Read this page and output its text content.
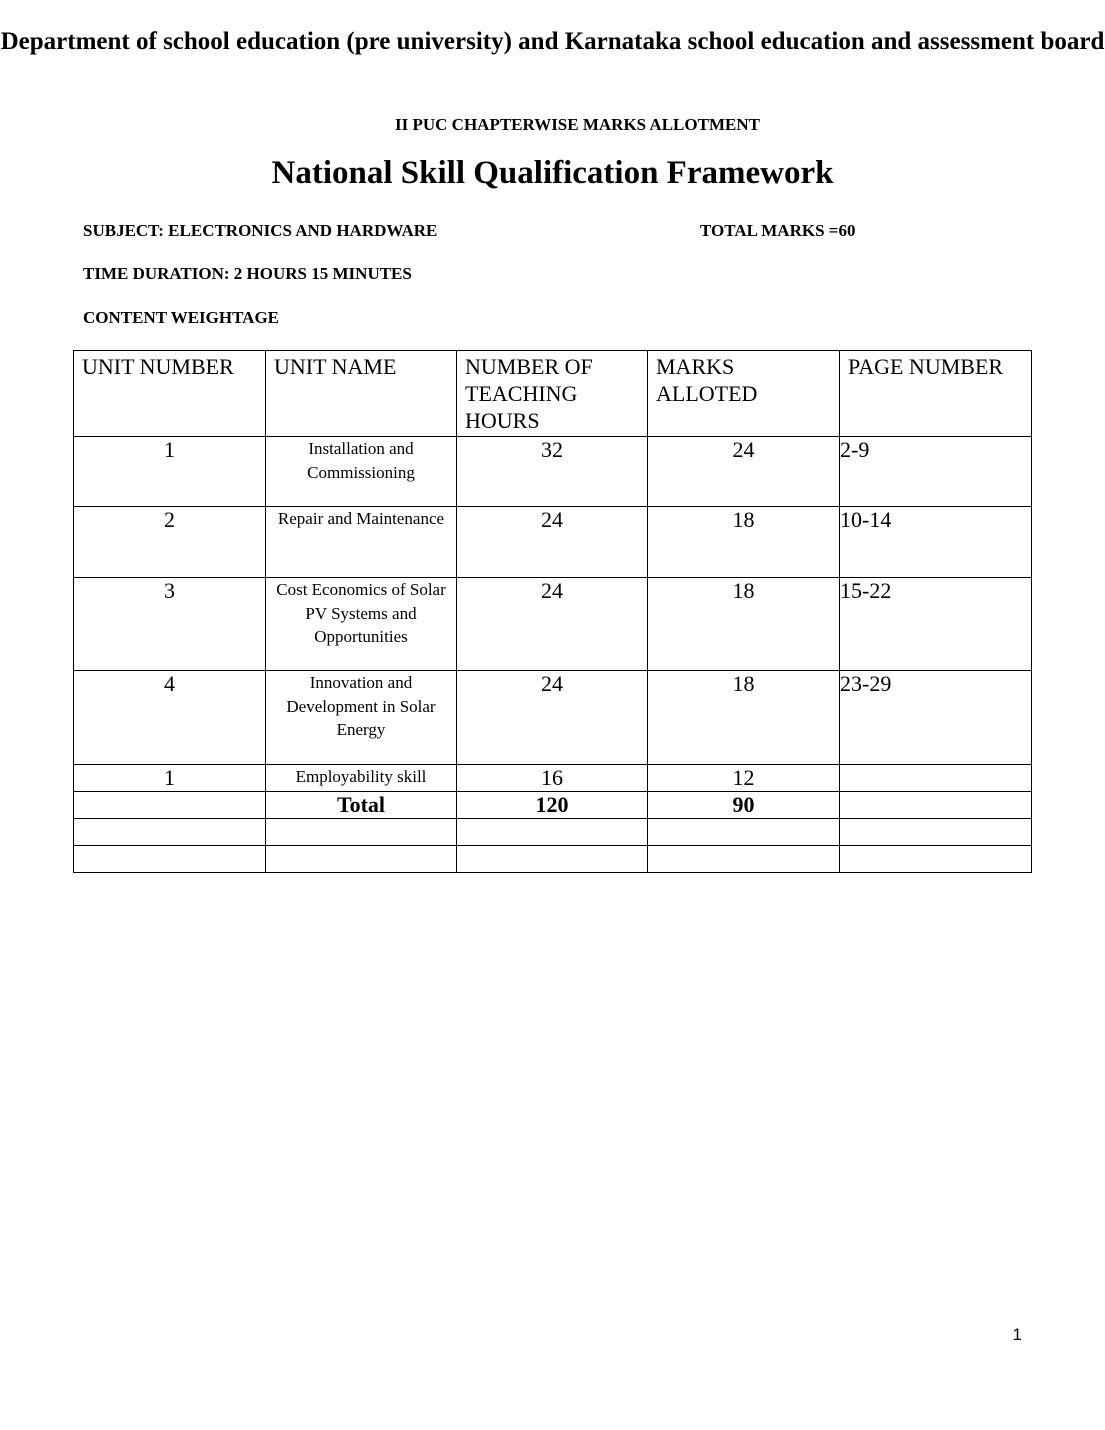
Department of school education (pre university) and Karnataka school education and assessment board
II PUC CHAPTERWISE MARKS ALLOTMENT
National Skill Qualification Framework
SUBJECT: ELECTRONICS AND HARDWARE	TOTAL MARKS =60
TIME DURATION: 2 HOURS 15 MINUTES
CONTENT WEIGHTAGE
UNIT NUMBER	UNIT NAME	NUMBER OF TEACHING HOURS	MARKS ALLOTED	PAGE NUMBER
1	Installation and Commissioning	32	24	2-9
2	Repair and Maintenance	24	18	10-14
3	Cost Economics of Solar PV Systems and Opportunities	24	18	15-22
4	Innovation and Development in Solar Energy	24	18	23-29
1	Employability skill	16	12	
	Total	120	90	

1
